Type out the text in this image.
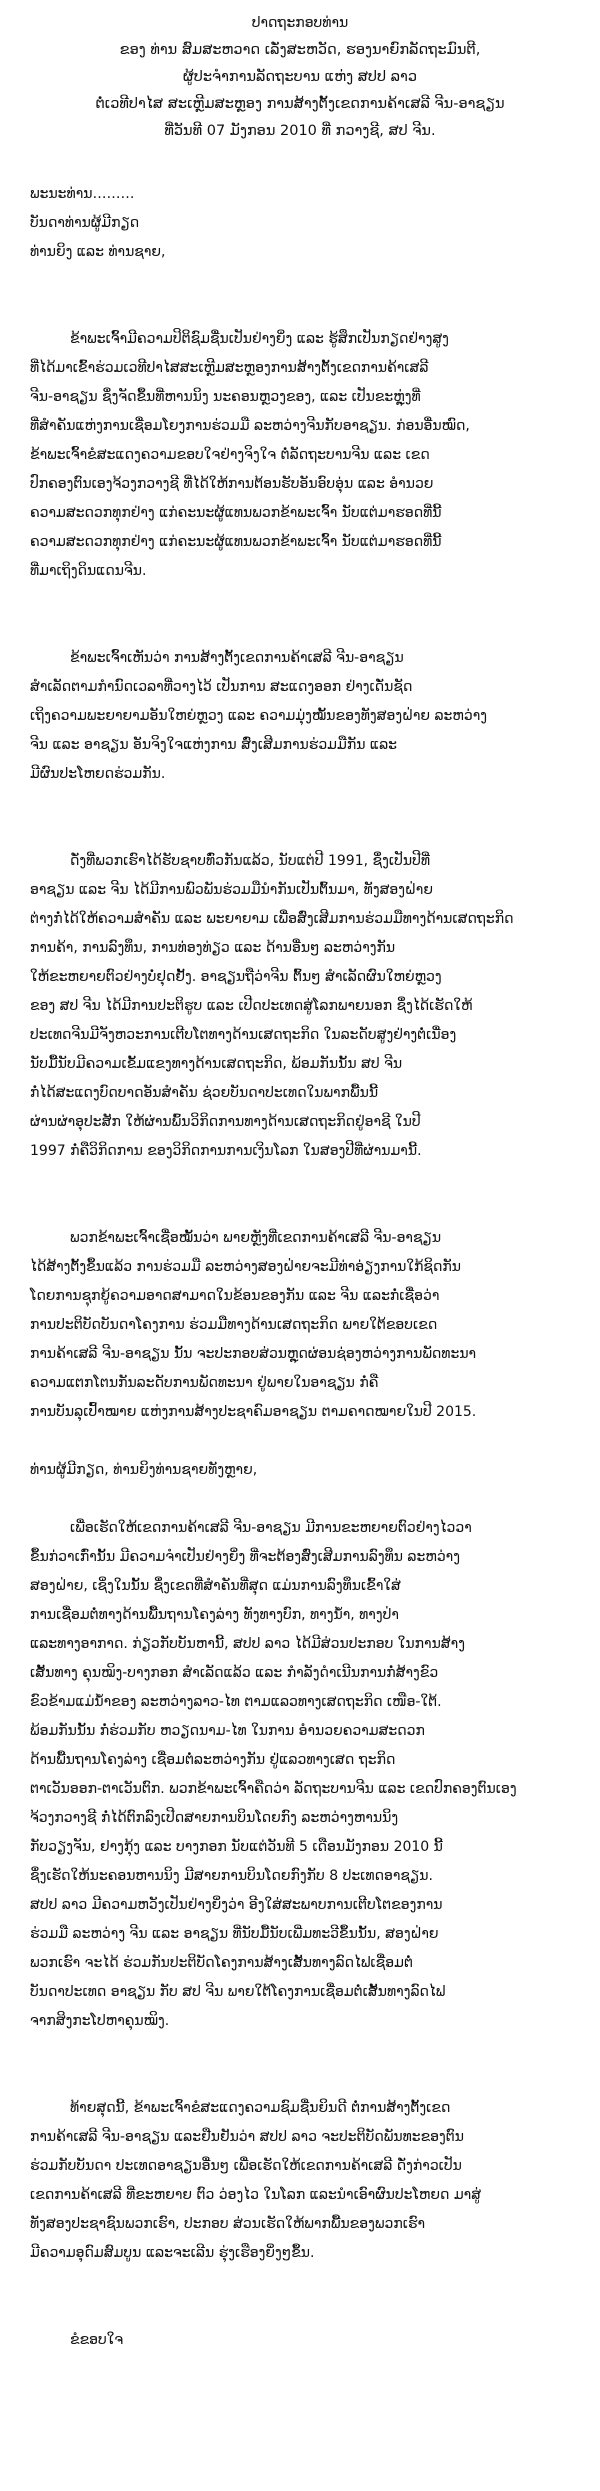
ປາດຖະກອບທ່ານ
ຂອງ ທ່ານ ສົມສະຫວາດ ເລັ່ງສະຫວັດ, ຮອງນາຍົກລັດຖະມົນຕີ,
ຜູ້ປະຈຳການລັດຖະບານ ແຫ່ງ ສປປ ລາວ
ຕໍ່ເວທີປາໄສ ສະເຫຼີມສະຫຼອງ ການສ້າງຕັ້ງເຂດການຄ້າເສລີ ຈີນ-ອາຊຽນ
ທີ່ວັນທີ 07 ມັງກອນ 2010 ທີ່ ກວາງຊີ, ສປ ຈີນ.
ພະນະທ່ານ………
ບັນດາທ່ານຜູ້ມີກຽດ
ທ່ານຍິງ ແລະ ທ່ານຊາຍ,
ຂ້າພະເຈົ້າມີຄວາມປິຕິຊົມຊື່ນເປັນຢ່າງຍິ່ງ ແລະ ຮູ້ສຶກເປັນກຽດຢ່າງສູງ
ທີ່ໄດ້ມາເຂົ້າຮ່ວມເວທີປາໄສສະເຫຼີມສະຫຼອງການສ້າງຕັ້ງເຂດການຄ້າເສລີ
ຈີນ-ອາຊຽນ ຊຶ່ງຈັດຂຶ້ນທີ່ຫານນິງ ນະຄອນຫຼວງຂອງ, ແລະ ເປັນຂະຫຼຸ່ງທີ່
ທີ່ສໍາຄັນແຫ່ງການເຊື່ອມໂຍງການຮ່ວມມື ລະຫວ່າງຈີນກັບອາຊຽນ. ກ່ອນອື່ນໝົດ,
ຂ້າພະເຈົ້າຂໍສະແດງຄວາມຂອບໃຈຢ່າງຈິງໃຈ ຕໍ່ລັດຖະບານຈີນ ແລະ ເຂດ
ປົກຄອງຕົນເອງຈ້ວງກວາງຊີ ທີ່ໄດ້ໃຫ້ການຕ້ອນຮັບອັນອົບອຸ່ນ ແລະ ອໍານວຍ
ຄວາມສະດວກທຸກຢ່າງ ແກ່ຄະນະຜູ້ແທນພວກຂ້າພະເຈົ້າ ນັບແຕ່ມາຮອດທີ່ນີ້
ຄວາມສະດວກທຸກຢ່າງ ແກ່ຄະນະຜູ້ແທນພວກຂ້າພະເຈົ້າ ນັບແຕ່ມາຮອດທີ່ນີ້
ທີ່ມາເຖິງດິນແດນຈີນ.
ຂ້າພະເຈົ້າເຫັນວ່າ ການສ້າງຕັ້ງເຂດການຄ້າເສລີ ຈີນ-ອາຊຽນ
ສຳເລັດຕາມກຳນົດເວລາທີ່ວາງໄວ້ ເປັນການ ສະແດງອອກ ຢ່າງເດັ່ນຊັດ
ເຖິງຄວາມພະຍາຍາມອັນໃຫຍ່ຫຼວງ ແລະ ຄວາມມຸ່ງໝັ້ນຂອງທັງສອງຝ່າຍ ລະຫວ່າງ
ຈີນ ແລະ ອາຊຽນ ອັນຈິງໃຈແຫ່ງການ ສົ່ງເສີມການຮ່ວມມືກັນ ແລະ
ມີຜົນປະໂຫຍດຮ່ວມກັນ.
ດັ່ງທີ່ພວກເຮົາໄດ້ຮັບຊາບທົ່ວກັນແລ້ວ, ນັບແຕ່ປີ 1991, ຊຶ່ງເປັນປີທີ່
ອາຊຽນ ແລະ ຈີນ ໄດ້ມີການພົວພັນຮ່ວມມືນໍາກັນເປັນຕົ້ນມາ, ທັງສອງຝ່າຍ
ຕ່າງກໍ່ໄດ້ໃຫ້ຄວາມສໍາຄັນ ແລະ ພະຍາຍາມ ເພື່ອສົ່ງເສີມການຮ່ວມມືທາງດ້ານເສດຖະກິດ
ການຄ້າ, ການລົງທຶນ, ການທ່ອງທ່ຽວ ແລະ ດ້ານອື່ນໆ ລະຫວ່າງກັນ
ໃຫ້ຂະຫຍາຍຕົວຢ່າງບໍ່ຢຸດຢັ້ງ. ອາຊຽນຖືວ່າຈີນ ຕົ້ນໆ ສຳເລັດຜົນໃຫຍ່ຫຼວງ
ຂອງ ສປ ຈີນ ໄດ້ມີການປະຕິຮູບ ແລະ ເປີດປະເທດສູ່ໂລກພາຍນອກ ຊຶ່ງໄດ້ເຮັດໃຫ້
ປະເທດຈີນມີຈັງຫວະການເຕີບໂຕທາງດ້ານເສດຖະກິດ ໃນລະດັບສູງຢ່າງຕໍ່ເນື່ອງ
ນັບມື້ນັບມີຄວາມເຂັ້ມແຂງທາງດ້ານເສດຖະກິດ, ພ້ອມກັນນັ້ນ ສປ ຈີນ
ກໍ່ໄດ້ສະແດງບົດບາດອັນສຳຄັນ ຊ່ວຍບັນດາປະເທດໃນພາກພື້ນນີ້
ຜ່ານຜ່າອຸປະສັກ ໃຫ້ຜ່ານພົ້ນວິກິດການທາງດ້ານເສດຖະກິດຢູ່ອາຊີ ໃນປີ
1997 ກໍ່ຄືວິກິດການ ຂອງວິກິດການການເງິນໂລກ ໃນສອງປີທີ່ຜ່ານມານີ້.
ພວກຂ້າພະເຈົ້າເຊື່ອໝັ້ນວ່າ ພາຍຫຼັງທີ່ເຂດການຄ້າເສລີ ຈີນ-ອາຊຽນ
ໄດ້ສ້າງຕັ້ງຂຶ້ນແລ້ວ ການຮ່ວມມື ລະຫວ່າງສອງຝ່າຍຈະມີທ່າອ່ຽງການໃກ້ຊິດກັນ
ໂດຍການຊຸກຍູ້ຄວາມອາດສາມາດໃນຂ້ອນຂອງກັນ ແລະ ຈີນ ແລະກໍ່ເຊື່ອວ່າ
ການປະຕິບັດບັນດາໂຄງການ ຮ່ວມມືທາງດ້ານເສດຖະກິດ ພາຍໃຕ້ຂອບເຂດ
ການຄ້າເສລີ ຈີນ-ອາຊຽນ ນັ້ນ ຈະປະກອບສ່ວນຫຼຸດຜ່ອນຊ່ອງຫວ່າງການພັດທະນາ
ຄວາມແຕກໂຕນກັນລະດັບການພັດທະນາ ຢູ່ພາຍໃນອາຊຽນ ກໍ່ຄື
ການບັນລຸເປົ້າໝາຍ ແຫ່ງການສ້າງປະຊາຄົມອາຊຽນ ຕາມຄາດໝາຍໃນປີ 2015.
ທ່ານຜູ້ມີກຽດ, ທ່ານຍິງທ່ານຊາຍທັງຫຼາຍ,
ເພື່ອເຮັດໃຫ້ເຂດການຄ້າເສລີ ຈີນ-ອາຊຽນ ມີການຂະຫຍາຍຕົວຢ່າງໄວວາ
ຂຶ້ນກ່ວາເກົ່ານັ້ນ ມີຄວາມຈຳເປັນຢ່າງຍິ່ງ ທີ່ຈະຕ້ອງສົ່ງເສີມການລົງທຶນ ລະຫວ່າງ
ສອງຝ່າຍ, ເຊິ່ງໃນນັ້ນ ຊຶ່ງເຂດທີ່ສຳຄັນທີ່ສຸດ ແມ່ນການລົງທຶນເຂົ້າໃສ່
ການເຊື່ອມຕໍ່ທາງດ້ານພື້ນຖານໂຄງລ່າງ ທັງທາງບົກ, ທາງນ້ຳ, ທາງປ່າ
ແລະທາງອາກາດ. ກ່ຽວກັບບັນຫານີ້, ສປປ ລາວ ໄດ້ມີສ່ວນປະກອບ ໃນການສ້າງ
ເສັ້ນທາງ ຄຸນໝິງ-ບາງກອກ ສຳເລັດແລ້ວ ແລະ ກຳລັງດຳເນີນການກໍ່ສ້າງຂົວ
ຂົວຂ້າມແມ່ນໍ້າຂອງ ລະຫວ່າງລາວ-ໄທ ຕາມແລວທາງເສດຖະກິດ ເໜືອ-ໃຕ້.
ພ້ອມກັນນັ້ນ ກໍ່ຮ່ວມກັບ ຫວຽດນາມ-ໄທ ໃນການ ອໍານວຍຄວາມສະດວກ
ດ້ານພື້ນຖານໂຄງລ່າງ ເຊື່ອມຕໍ່ລະຫວ່າງກັນ ຢູ່ແລວທາງເສດ ຖະກິດ
ຕາເວັນອອກ-ຕາເວັນຕົກ. ພວກຂ້າພະເຈົ້າຄືດວ່າ ລັດຖະບານຈີນ ແລະ ເຂດປົກຄອງຕົນເອງ
ຈ້ວງກວາງຊີ ກໍ່ໄດ້ຕົກລົງເປີດສາຍການບິນໂດຍກົງ ລະຫວ່າງຫານນິງ
ກັບວຽງຈັນ, ຢາງກຸ້ງ ແລະ ບາງກອກ ນັບແຕ່ວັນທີ 5 ເດືອນມັງກອນ 2010 ນີ້
ຊຶ່ງເຮັດໃຫ້ນະຄອນຫານນິງ ມີສາຍການບິນໂດຍກົງກັບ 8 ປະເທດອາຊຽນ.
ສປປ ລາວ ມີຄວາມຫວັງເປັນຢ່າງຍິ່ງວ່າ ອີງໃສ່ສະພາບການເຕີບໂຕຂອງການ
ຮ່ວມມື ລະຫວ່າງ ຈີນ ແລະ ອາຊຽນ ທີ່ນັບມື້ນັບເພີ່ມທະວີຂຶ້ນນັ້ນ, ສອງຝ່າຍ
ພວກເຮົາ ຈະໄດ້ ຮ່ວມກັນປະຕິບັດໂຄງການສ້າງເສັ້ນທາງລົດໄຟເຊື່ອມຕໍ່
ບັນດາປະເທດ ອາຊຽນ ກັບ ສປ ຈີນ ພາຍໃຕ້ໂຄງການເຊື່ອມຕໍ່ເສັ້ນທາງລົດໄຟ
ຈາກສິງກະໂປຫາຄຸນໝິງ.
ທ້າຍສຸດນີ້, ຂ້າພະເຈົ້າຂໍສະແດງຄວາມຊົມຊື່ນຍິນດີ ຕໍ່ການສ້າງຕັ້ງເຂດ
ການຄ້າເສລີ ຈີນ-ອາຊຽນ ແລະຢືນຢັນວ່າ ສປປ ລາວ ຈະປະຕິບັດພັນທະຂອງຕົນ
ຮ່ວມກັບບັນດາ ປະເທດອາຊຽນອື່ນໆ ເພື່ອເຮັດໃຫ້ເຂດການຄ້າເສລີ ດັ່ງກ່າວເປັນ
ເຂດການຄ້າເສລີ ທີ່ຂະຫຍາຍ ຕົວ ວ່ອງໄວ ໃນໂລກ ແລະນໍາເອົາຜົນປະໂຫຍດ ມາສູ່
ທັງສອງປະຊາຊົນພວກເຮົາ, ປະກອບ ສ່ວນເຮັດໃຫ້ພາກພື້ນຂອງພວກເຮົາ
ມີຄວາມອຸດົມສົມບູນ ແລະຈະເລີນ ຮຸ່ງເຮືອງຍິ່ງໆຂຶ້ນ.
ຂໍຂອບໃຈ
